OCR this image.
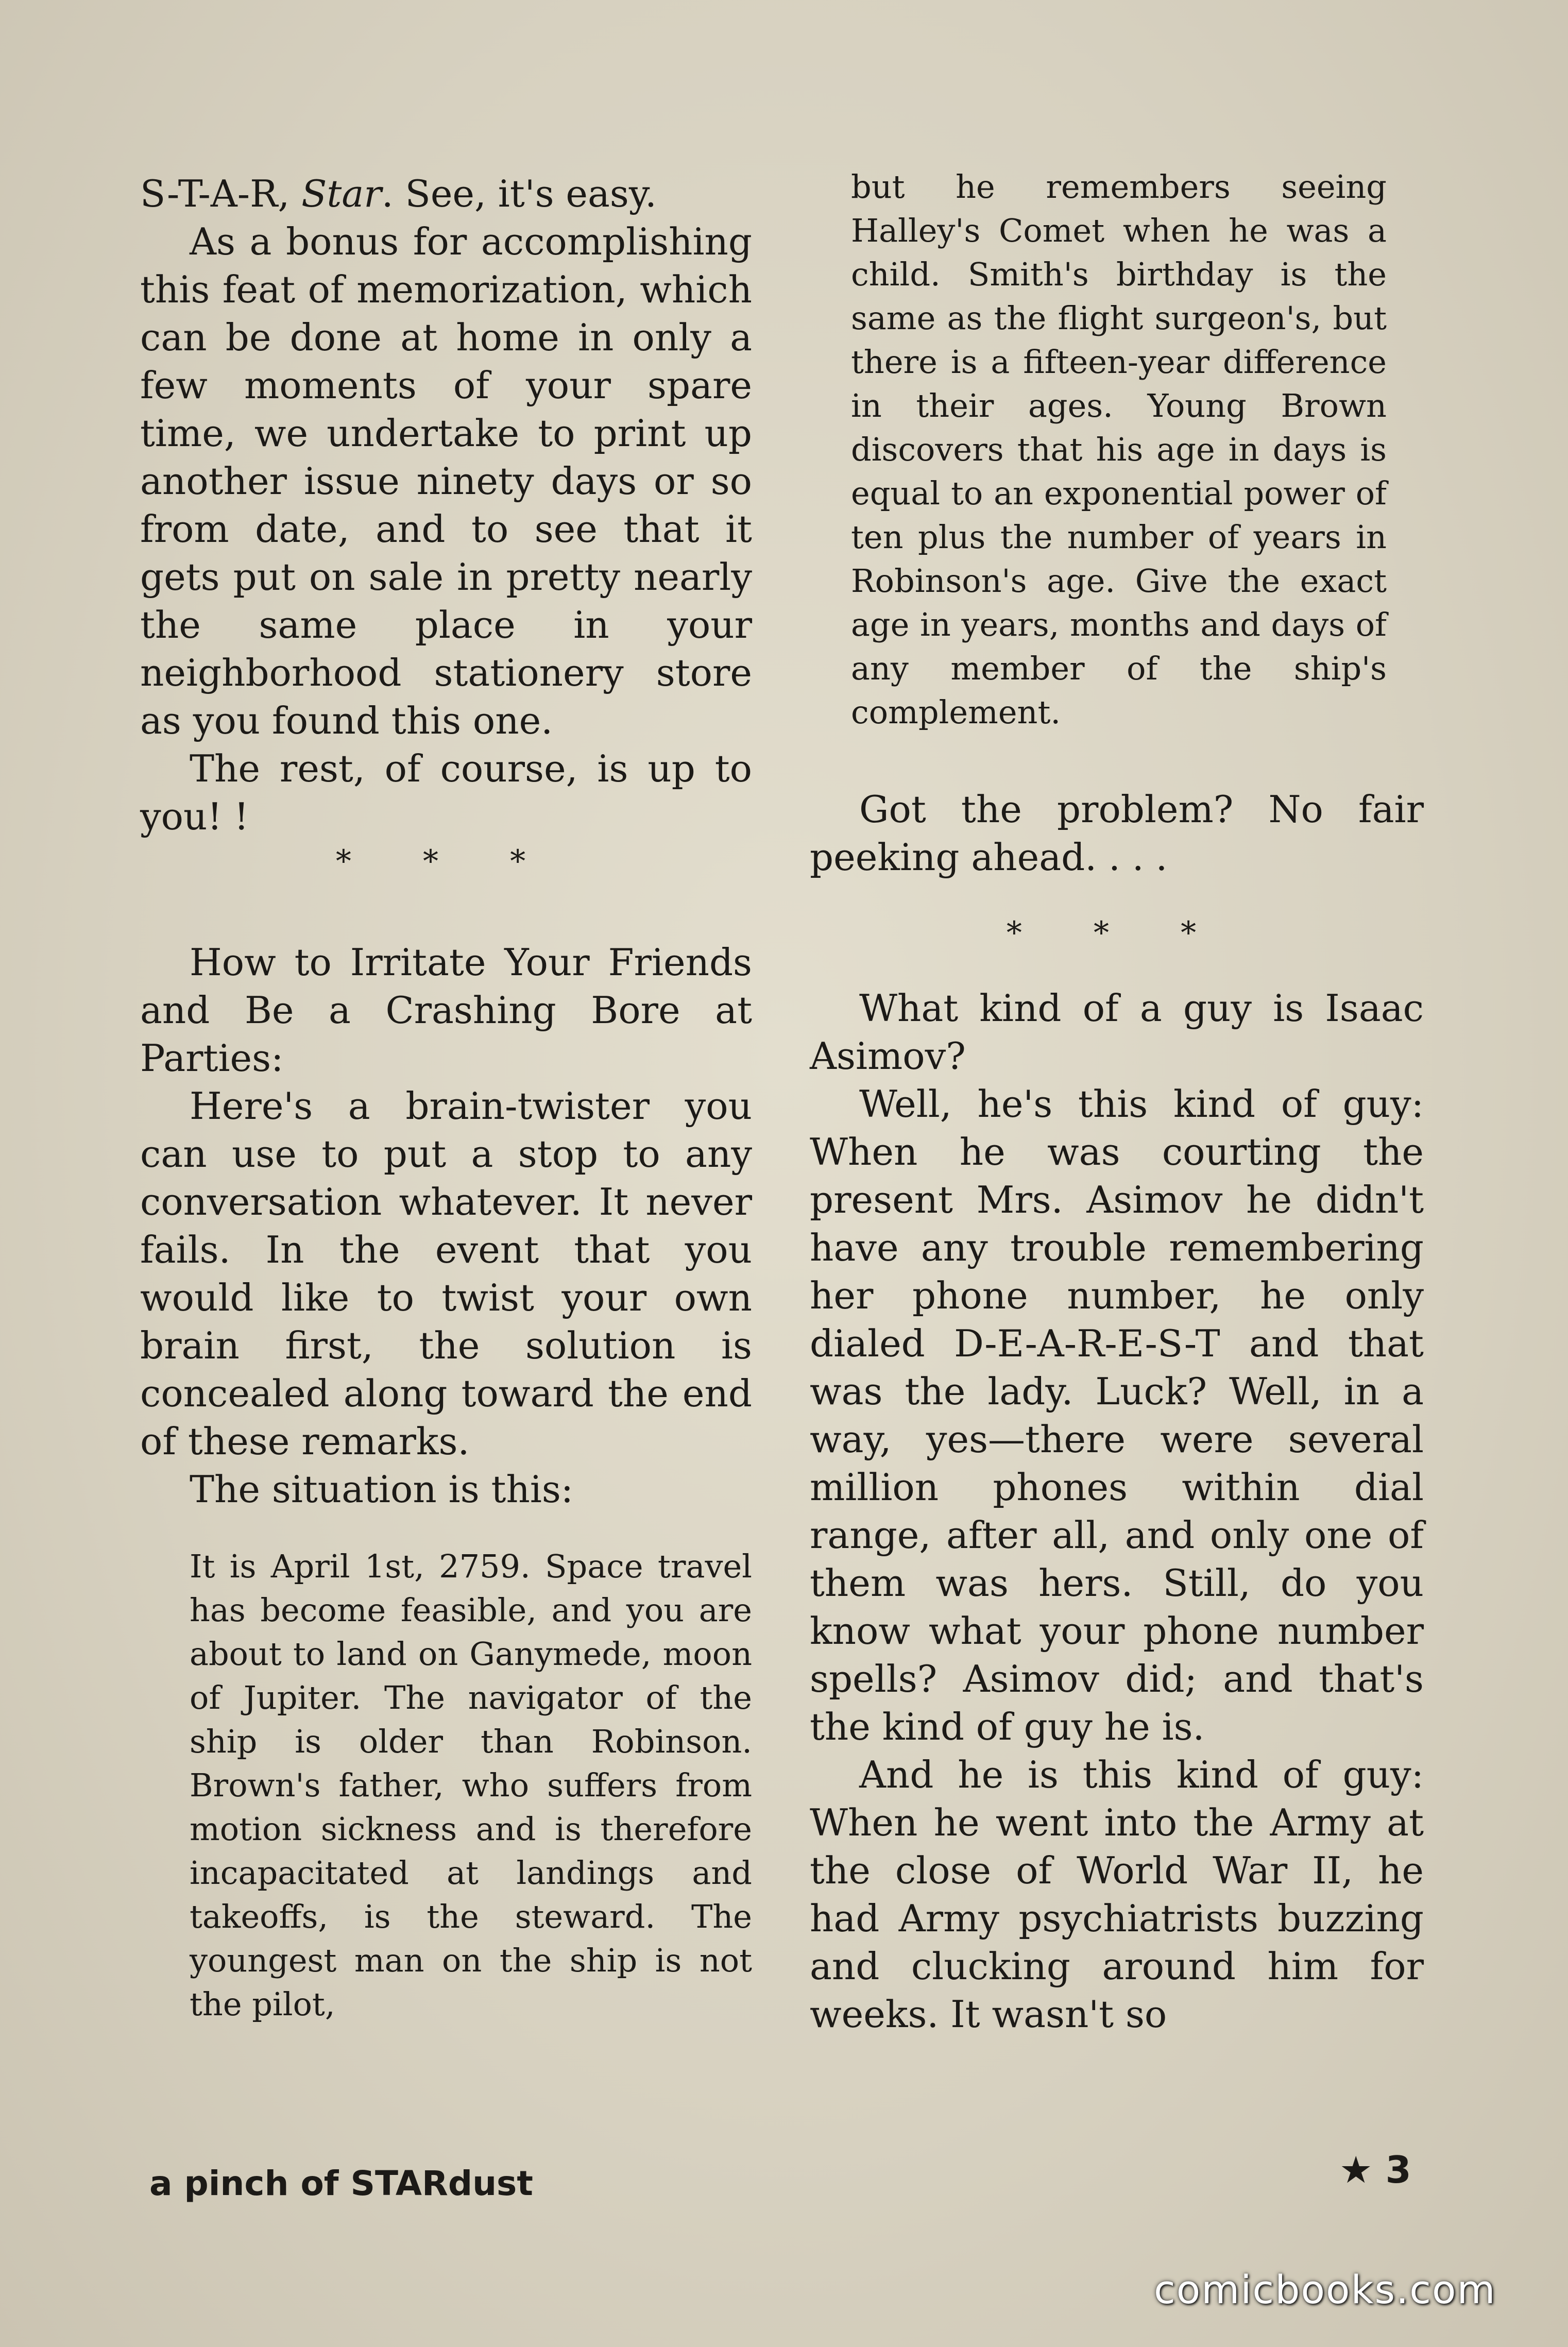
S-T-A-R, Star. See, it's easy.

As a bonus for accomplishing this feat of memorization, which can be done at home in only a few moments of your spare time, we undertake to print up another issue ninety days or so from date, and to see that it gets put on sale in pretty nearly the same place in your neighborhood stationery store as you found this one.

The rest, of course, is up to you! !

* * *

How to Irritate Your Friends and Be a Crashing Bore at Parties:

Here's a brain-twister you can use to put a stop to any conversation whatever. It never fails. In the event that you would like to twist your own brain first, the solution is concealed along toward the end of these remarks.

The situation is this:

It is April 1st, 2759. Space travel has become feasible, and you are about to land on Ganymede, moon of Jupiter. The navigator of the ship is older than Robinson. Brown's father, who suffers from motion sickness and is therefore incapacitated at landings and takeoffs, is the steward. The youngest man on the ship is not the pilot,

but he remembers seeing Halley's Comet when he was a child. Smith's birthday is the same as the flight surgeon's, but there is a fifteen-year difference in their ages. Young Brown discovers that his age in days is equal to an exponential power of ten plus the number of years in Robinson's age. Give the exact age in years, months and days of any member of the ship's complement.

Got the problem? No fair peeking ahead. . . .

* * *

What kind of a guy is Isaac Asimov?

Well, he's this kind of guy: When he was courting the present Mrs. Asimov he didn't have any trouble remembering her phone number, he only dialed D-E-A-R-E-S-T and that was the lady. Luck? Well, in a way, yes—there were several million phones within dial range, after all, and only one of them was hers. Still, do you know what your phone number spells? Asimov did; and that's the kind of guy he is.

And he is this kind of guy: When he went into the Army at the close of World War II, he had Army psychiatrists buzzing and clucking around him for weeks. It wasn't so

a pinch of STARdust	★ 3
comicbooks.com
